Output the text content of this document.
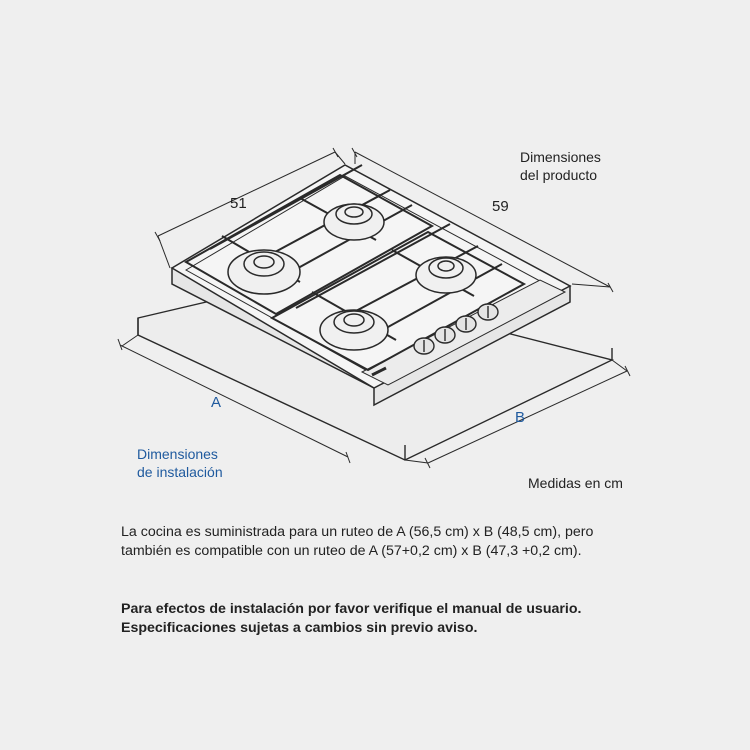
51	59
Dimensiones
del producto
A
B
Dimensiones
de instalación
Medidas en cm
La cocina es suministrada para un ruteo de A (56,5 cm) x B (48,5 cm), pero
también es compatible con un ruteo de A (57+0,2 cm) x B (47,3 +0,2 cm).
Para efectos de instalación por favor verifique el manual de usuario.
Especificaciones sujetas a cambios sin previo aviso.
